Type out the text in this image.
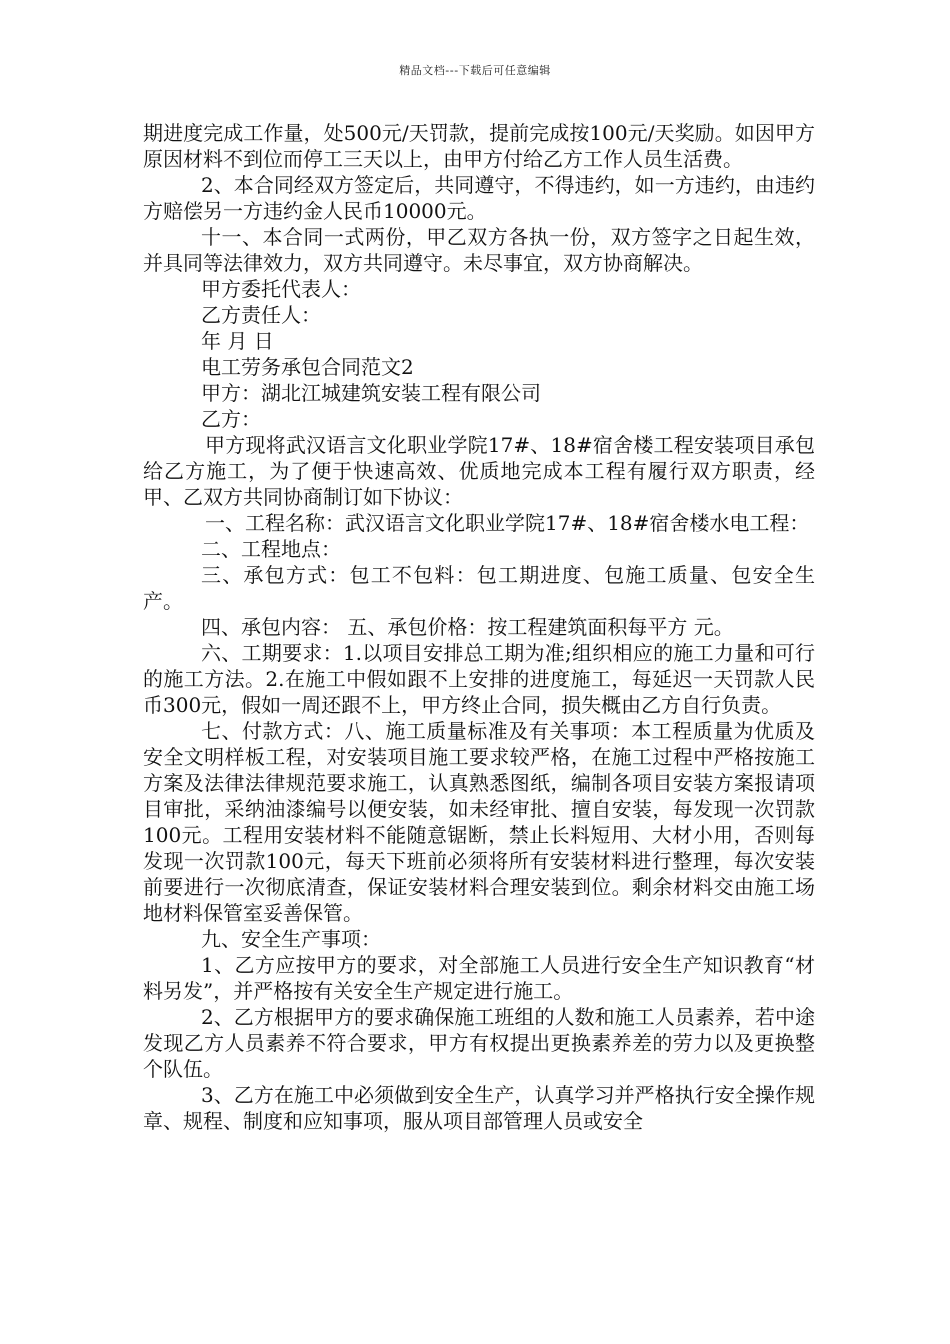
精品文档---下载后可任意编辑

期进度完成工作量，处500元/天罚款，提前完成按100元/天奖励。如因甲方原因材料不到位而停工三天以上，由甲方付给乙方工作人员生活费。

2、本合同经双方签定后，共同遵守，不得违约，如一方违约，由违约方赔偿另一方违约金人民币10000元。

十一、本合同一式两份，甲乙双方各执一份，双方签字之日起生效，并具同等法律效力，双方共同遵守。未尽事宜，双方协商解决。

甲方委托代表人：

乙方责任人：

年 月 日

电工劳务承包合同范文2

甲方：湖北江城建筑安装工程有限公司

乙方：

甲方现将武汉语言文化职业学院17#、18#宿舍楼工程安装项目承包给乙方施工，为了便于快速高效、优质地完成本工程有履行双方职责，经甲、乙双方共同协商制订如下协议：

一、工程名称：武汉语言文化职业学院17#、18#宿舍楼水电工程：

二、工程地点：

三、承包方式：包工不包料：包工期进度、包施工质量、包安全生产。

四、承包内容： 五、承包价格：按工程建筑面积每平方 元。

六、工期要求：1.以项目安排总工期为准;组织相应的施工力量和可行的施工方法。2.在施工中假如跟不上安排的进度施工，每延迟一天罚款人民币300元，假如一周还跟不上，甲方终止合同，损失概由乙方自行负责。

七、付款方式：八、施工质量标准及有关事项：本工程质量为优质及安全文明样板工程，对安装项目施工要求较严格，在施工过程中严格按施工方案及法律法律规范要求施工，认真熟悉图纸，编制各项目安装方案报请项目审批，采纳油漆编号以便安装，如未经审批、擅自安装，每发现一次罚款100元。工程用安装材料不能随意锯断，禁止长料短用、大材小用，否则每发现一次罚款100元，每天下班前必须将所有安装材料进行整理，每次安装前要进行一次彻底清查，保证安装材料合理安装到位。剩余材料交由施工场地材料保管室妥善保管。

九、安全生产事项：

1、乙方应按甲方的要求，对全部施工人员进行安全生产知识教育“材料另发”，并严格按有关安全生产规定进行施工。

2、乙方根据甲方的要求确保施工班组的人数和施工人员素养，若中途发现乙方人员素养不符合要求，甲方有权提出更换素养差的劳力以及更换整个队伍。

3、乙方在施工中必须做到安全生产，认真学习并严格执行安全操作规章、规程、制度和应知事项，服从项目部管理人员或安全
